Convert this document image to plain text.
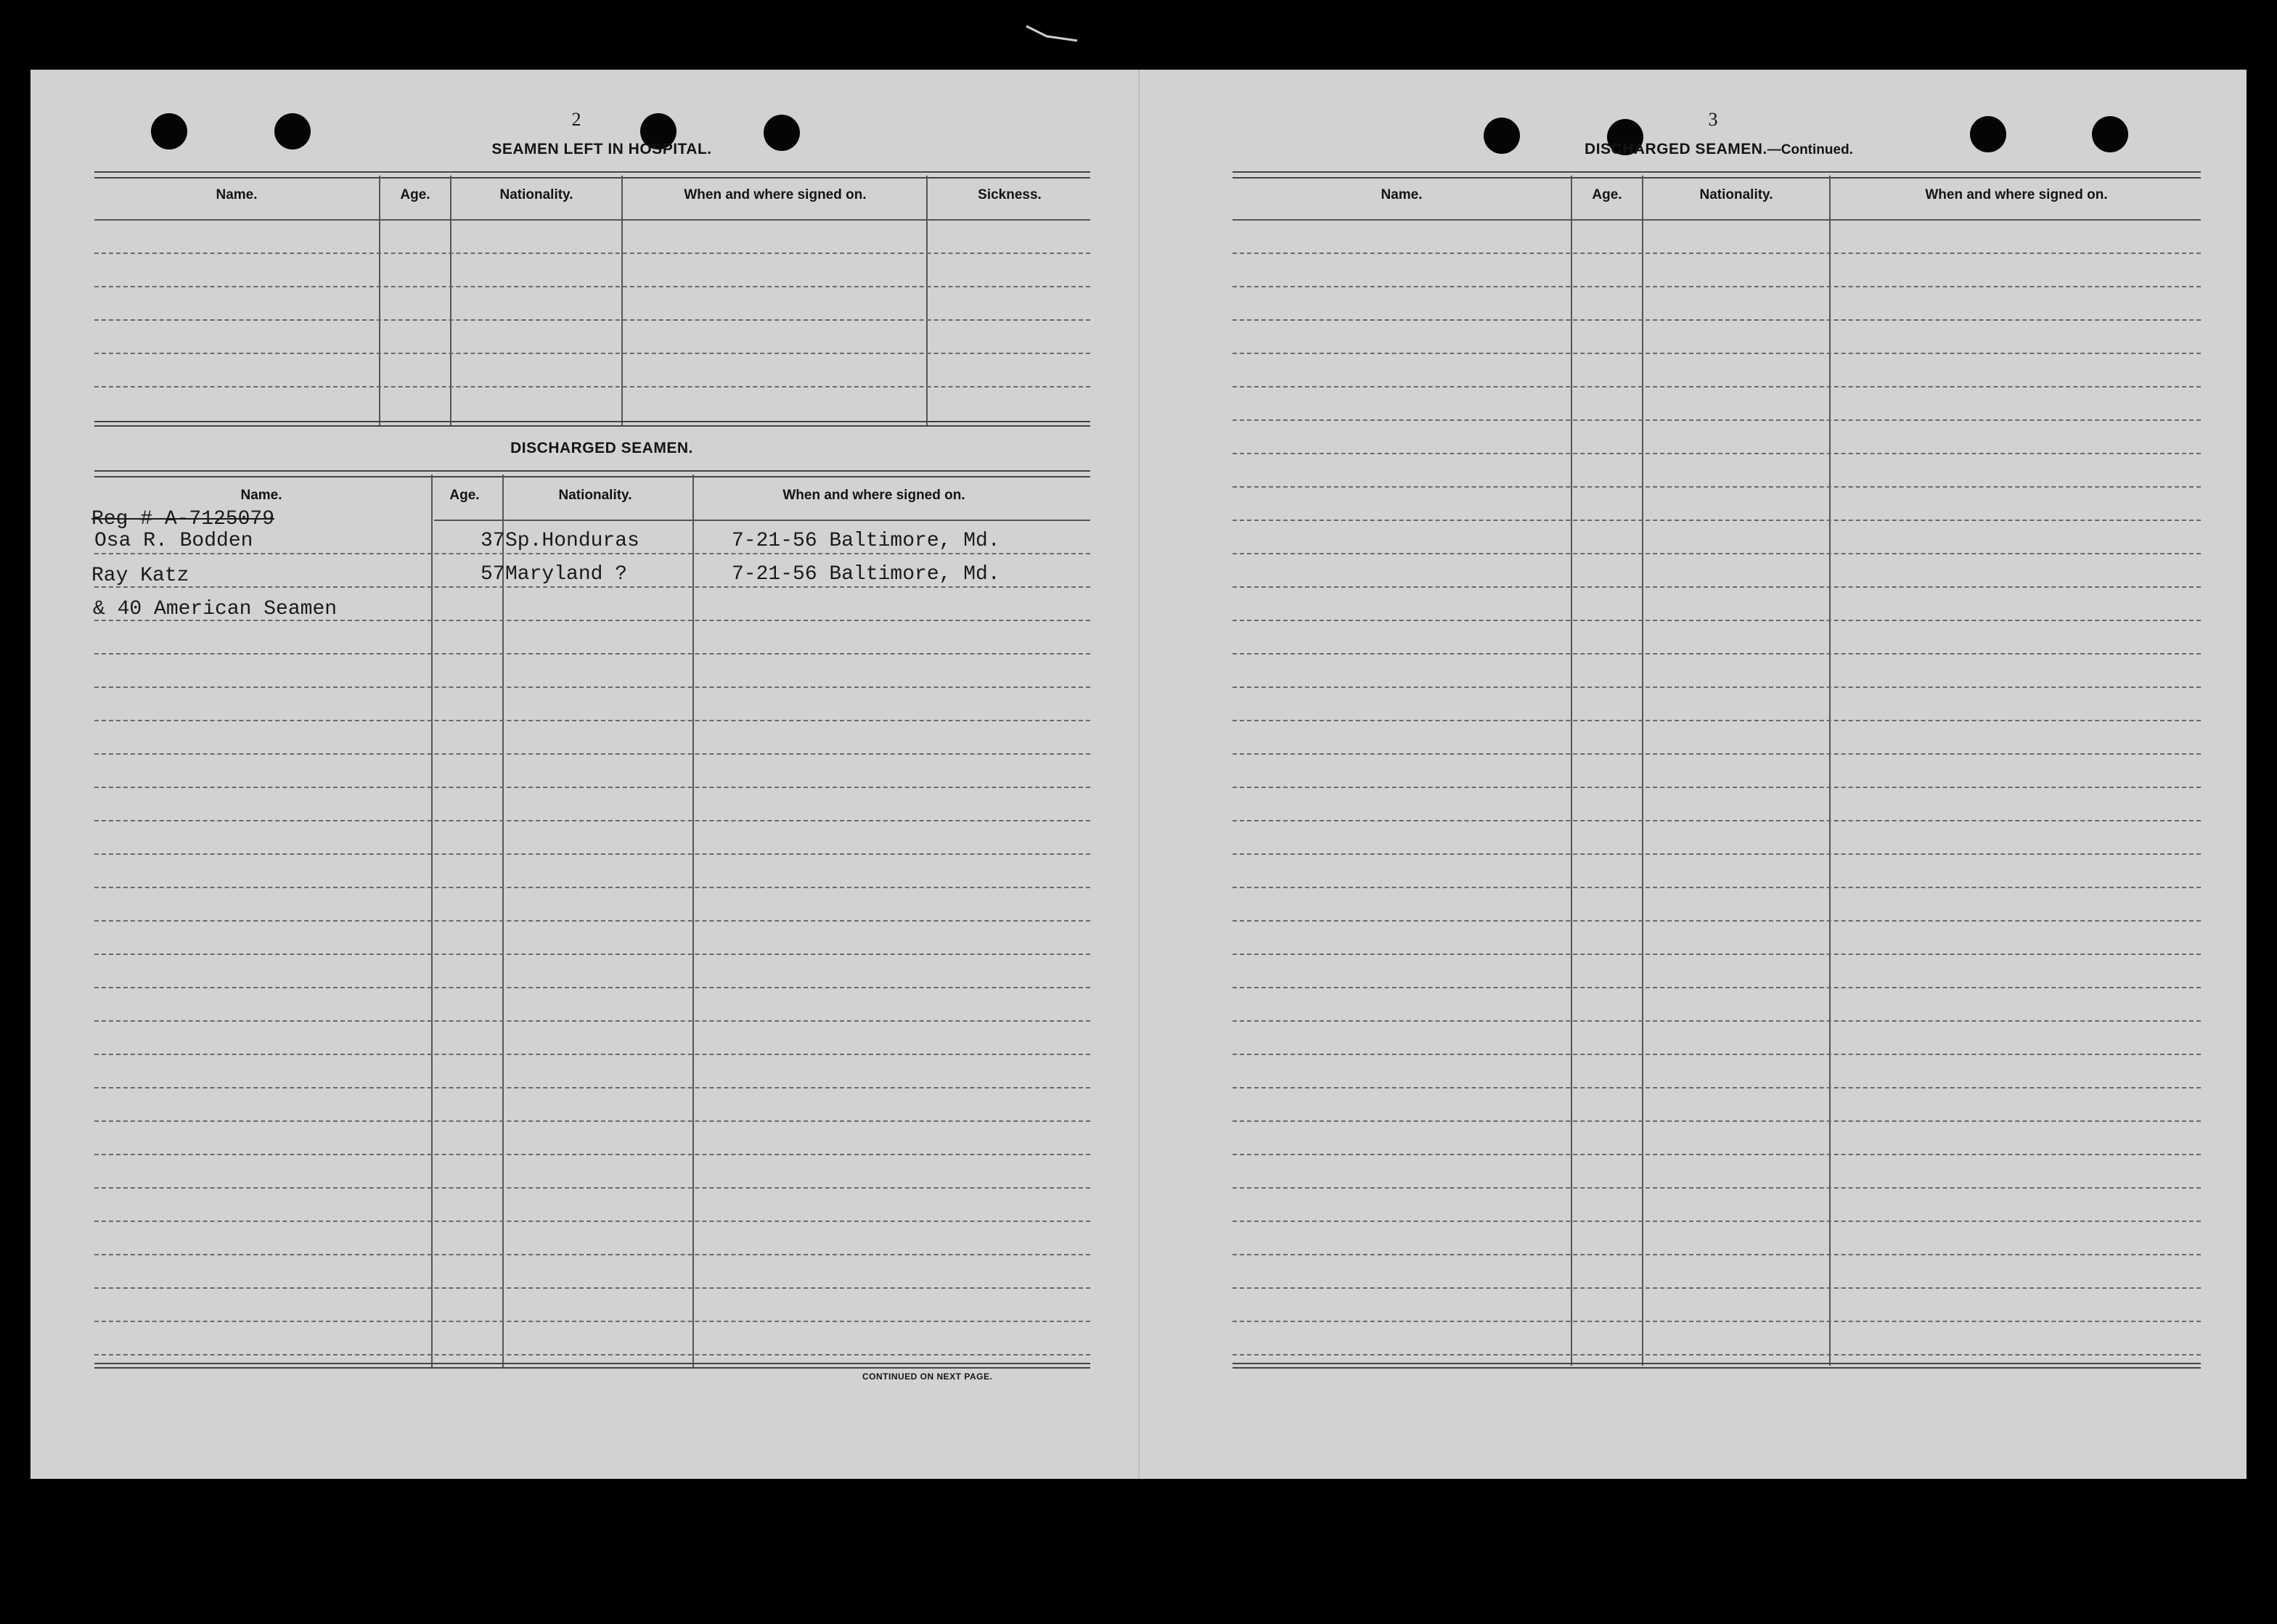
2
SEAMEN LEFT IN HOSPITAL.
Name.	Age.	Nationality.	When and where signed on.	Sickness.
DISCHARGED SEAMEN.
Name.	Age.	Nationality.	When and where signed on.
Reg # A-7125079
Osa R. Bodden	37 Sp.Honduras	7-21-56 Baltimore, Md.
Ray Katz	57 Maryland ?	7-21-56 Baltimore, Md.
& 40 American Seamen
CONTINUED ON NEXT PAGE.
3
DISCHARGED SEAMEN.—Continued.
Name.	Age.	Nationality.	When and where signed on.
